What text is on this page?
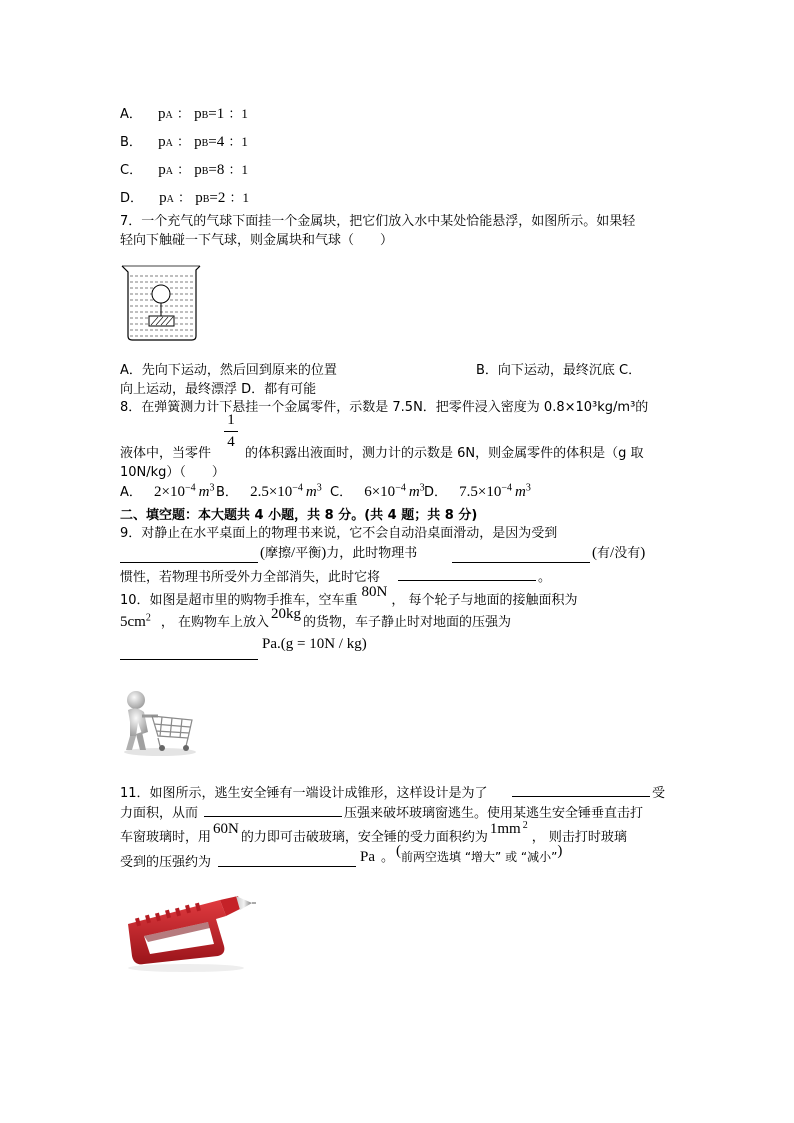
A． pA ： pB=1 ：1
B． pA ： pB=4 ：1
C． pA ： pB=8 ：1
D． pA ： pB=2 ：1
7．一个充气的气球下面挂一个金属块，把它们放入水中某处恰能悬浮，如图所示。如果轻
轻向下触碰一下气球，则金属块和气球（　　）
A．先向下运动，然后回到原来的位置	B．向下运动，最终沉底 C．
向上运动，最终漂浮 D．都有可能
8．在弹簧测力计下悬挂一个金属零件，示数是 7.5N．把零件浸入密度为 0.8×10³kg/m³的
液体中，当零件
1
4
的体积露出液面时，测力计的示数是 6N，则金属零件的体积是（g 取
10N/kg）（　　）
A． $2\times 10^{-4}$ $m^3$ B． $2.5\times 10^{-4}$ $m^3$ C． $6\times 10^{-4}$ $m^3$ D． $7.5\times 10^{-4}$ $m^3$
二、填空题：本大题共 4 小题，共 8 分。(共 4 题；共 8 分)
9．对静止在水平桌面上的物理书来说，它不会自动沿桌面滑动，是因为受到
(摩擦/平衡)力，此时物理书	(有/没有)
惯性，若物理书所受外力全部消失，此时它将	。
10．如图是超市里的购物手推车，空车重80N， 每个轮子与地面的接触面积为
$5cm^2$ ， 在购物车上放入20kg的货物，车子静止时对地面的压强为
Pa.(g = 10N / kg)
11．如图所示，逃生安全锤有一端设计成锥形，这样设计是为了	受
力面积，从而	压强来破坏玻璃窗逃生。使用某逃生安全锤垂直击打
车窗玻璃时，用60N的力即可击破玻璃，安全锤的受力面积约为1mm $^2$， 则击打时玻璃
受到的压强约为	Pa 。 (前两空选填 “增大” 或 “减小”)
